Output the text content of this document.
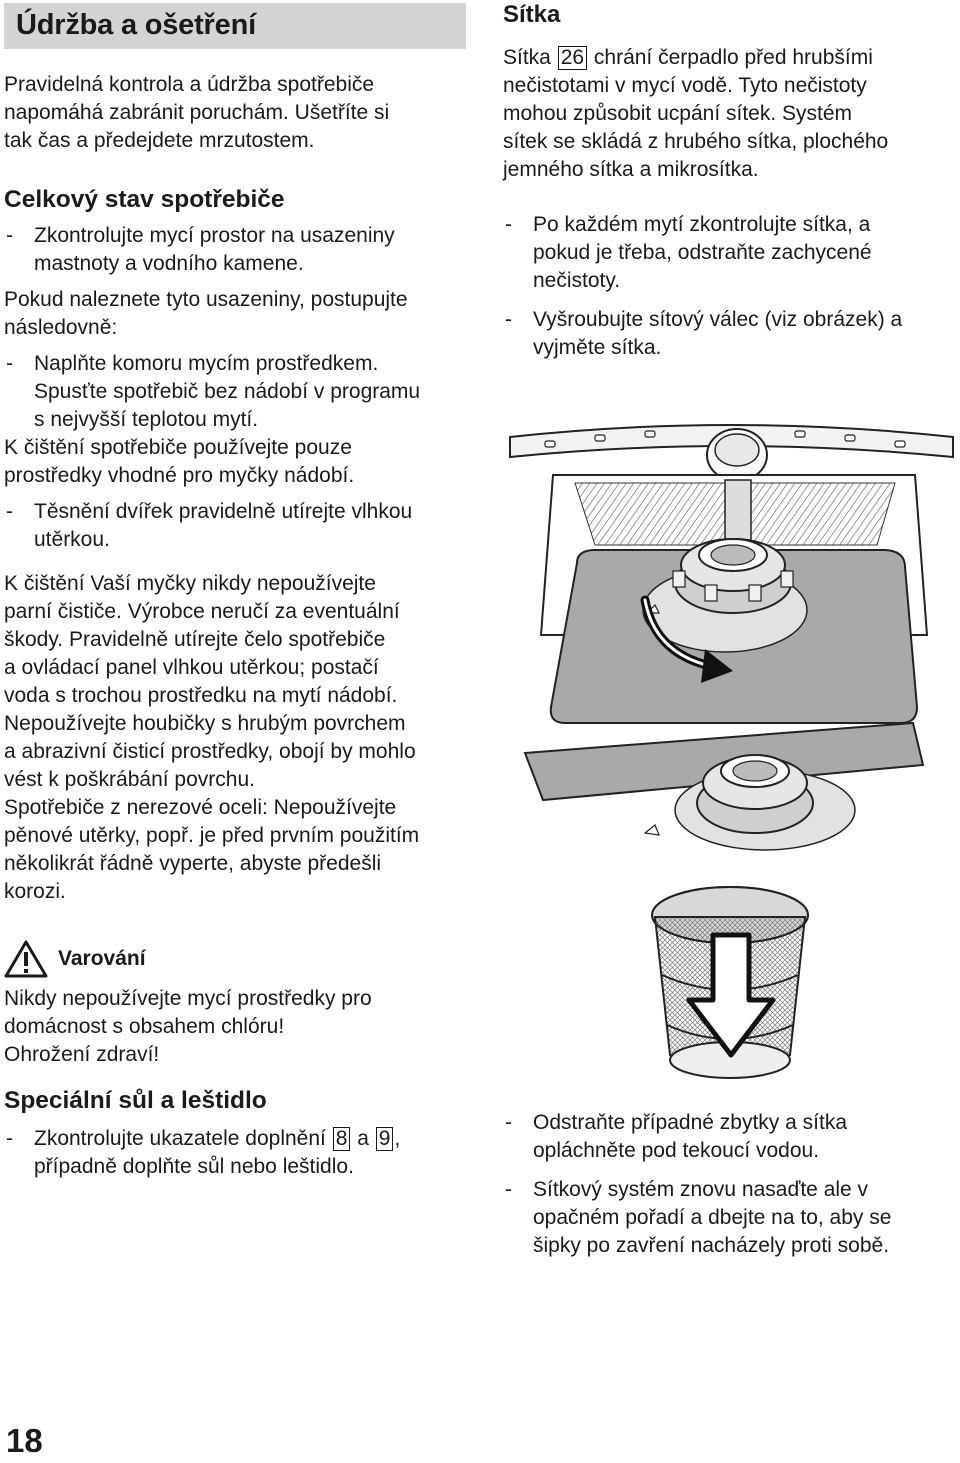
Údržba a ošetření

Pravidelná kontrola a údržba spotřebiče
napomáhá zabránit poruchám. Ušetříte si
tak čas a předejdete mrzutostem.

Celkový stav spotřebiče

- Zkontrolujte mycí prostor na usazeniny
mastnoty a vodního kamene.

Pokud naleznete tyto usazeniny, postupujte
následovně:

- Naplňte komoru mycím prostředkem.
Spusťte spotřebič bez nádobí v programu
s nejvyšší teplotou mytí.

K čištění spotřebiče používejte pouze
prostředky vhodné pro myčky nádobí.

- Těsnění dvířek pravidelně utírejte vlhkou
utěrkou.

K čištění Vaší myčky nikdy nepoužívejte
parní čističe. Výrobce neručí za eventuální
škody. Pravidelně utírejte čelo spotřebiče
a ovládací panel vlhkou utěrkou; postačí
voda s trochou prostředku na mytí nádobí.
Nepoužívejte houbičky s hrubým povrchem
a abrazivní čisticí prostředky, obojí by mohlo
vést k poškrábání povrchu.
Spotřebiče z nerezové oceli: Nepoužívejte
pěnové utěrky, popř. je před prvním použitím
několikrát řádně vyperte, abyste předešli
korozi.

Varování

Nikdy nepoužívejte mycí prostředky pro
domácnost s obsahem chlóru!
Ohrožení zdraví!

Speciální sůl a leštidlo

- Zkontrolujte ukazatele doplnění 8 a 9 ,
případně doplňte sůl nebo leštidlo.

Sítka

Sítka 26 chrání čerpadlo před hrubšími
nečistotami v mycí vodě. Tyto nečistoty
mohou způsobit ucpání sítek. Systém
sítek se skládá z hrubého sítka, plochého
jemného sítka a mikrosítka.

- Po každém mytí zkontrolujte sítka, a
pokud je třeba, odstraňte zachycené
nečistoty.

- Vyšroubujte sítový válec (viz obrázek) a
vyjměte sítka.

- Odstraňte případné zbytky a sítka
opláchněte pod tekoucí vodou.

- Sítkový systém znovu nasaďte ale v
opačném pořadí a dbejte na to, aby se
šipky po zavření nacházely proti sobě.

18
